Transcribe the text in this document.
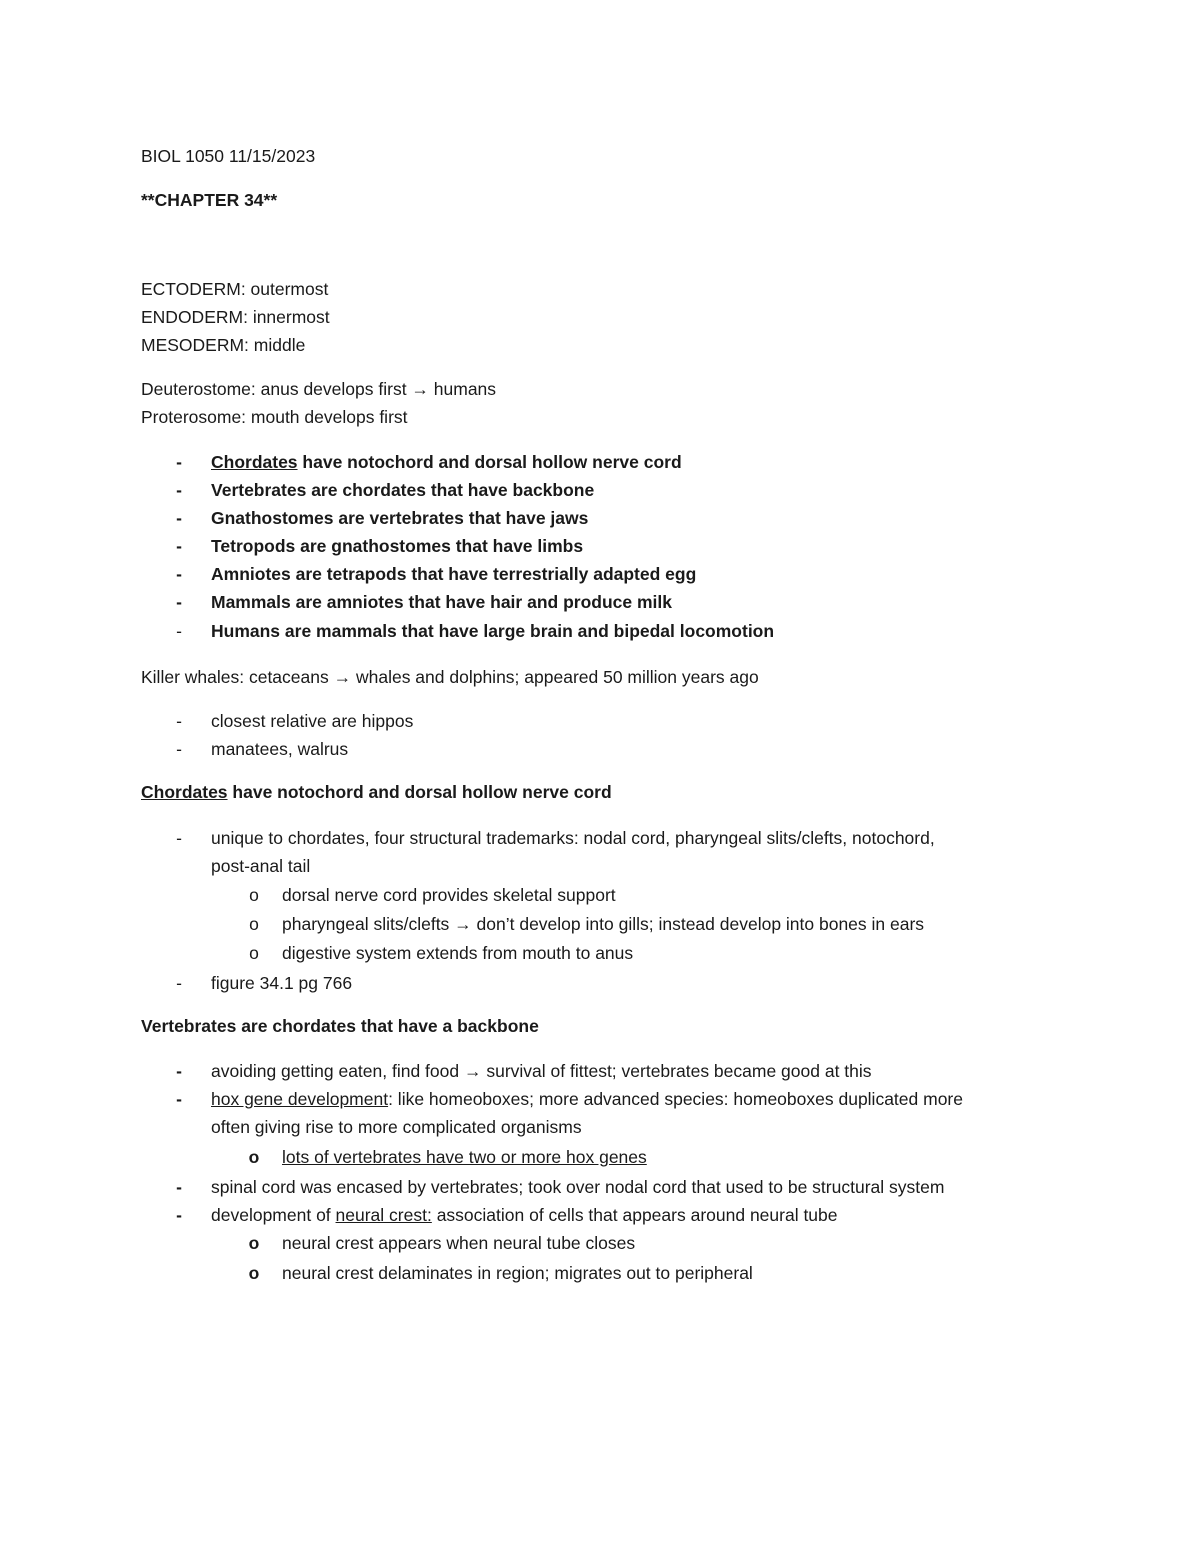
BIOL 1050 11/15/2023
**CHAPTER 34**
ECTODERM: outermost
ENDODERM: innermost
MESODERM: middle
Deuterostome: anus develops first → humans
Proterosome: mouth develops first
- Chordates have notochord and dorsal hollow nerve cord
- Vertebrates are chordates that have backbone
- Gnathostomes are vertebrates that have jaws
- Tetropods are gnathostomes that have limbs
- Amniotes are tetrapods that have terrestrially adapted egg
- Mammals are amniotes that have hair and produce milk
- Humans are mammals that have large brain and bipedal locomotion
Killer whales: cetaceans → whales and dolphins; appeared 50 million years ago
- closest relative are hippos
- manatees, walrus
Chordates have notochord and dorsal hollow nerve cord
- unique to chordates, four structural trademarks: nodal cord, pharyngeal slits/clefts, notochord,
post-anal tail
o dorsal nerve cord provides skeletal support
o pharyngeal slits/clefts → don’t develop into gills; instead develop into bones in ears
o digestive system extends from mouth to anus
- figure 34.1 pg 766
Vertebrates are chordates that have a backbone
- avoiding getting eaten, find food → survival of fittest; vertebrates became good at this
- hox gene development: like homeoboxes; more advanced species: homeoboxes duplicated more
often giving rise to more complicated organisms
o lots of vertebrates have two or more hox genes
- spinal cord was encased by vertebrates; took over nodal cord that used to be structural system
- development of neural crest: association of cells that appears around neural tube
o neural crest appears when neural tube closes
o neural crest delaminates in region; migrates out to peripheral
